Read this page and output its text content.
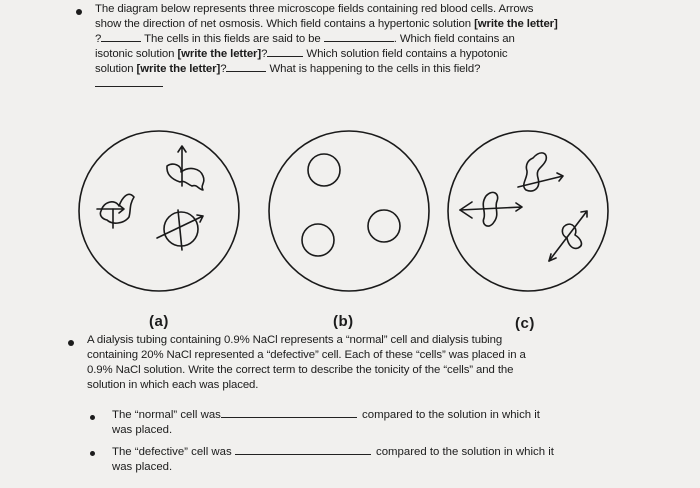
The diagram below represents three microscope fields containing red blood cells. Arrows
show the direction of net osmosis. Which field contains a hypertonic solution [write the letter]
?	The cells in this fields are said to be	. Which field contains an
isotonic solution [write the letter]?	Which solution field contains a hypotonic
solution [write the letter]?	What is happening to the cells in this field?
(a)	(b)	(c)
A dialysis tubing containing 0.9% NaCl represents a “normal” cell and dialysis tubing
containing 20% NaCl represented a “defective” cell. Each of these “cells” was placed in a
0.9% NaCl solution. Write the correct term to describe the tonicity of the “cells” and the
solution in which each was placed.
The “normal” cell was	compared to the solution in which it
was placed.
The “defective” cell was	compared to the solution in which it
was placed.
